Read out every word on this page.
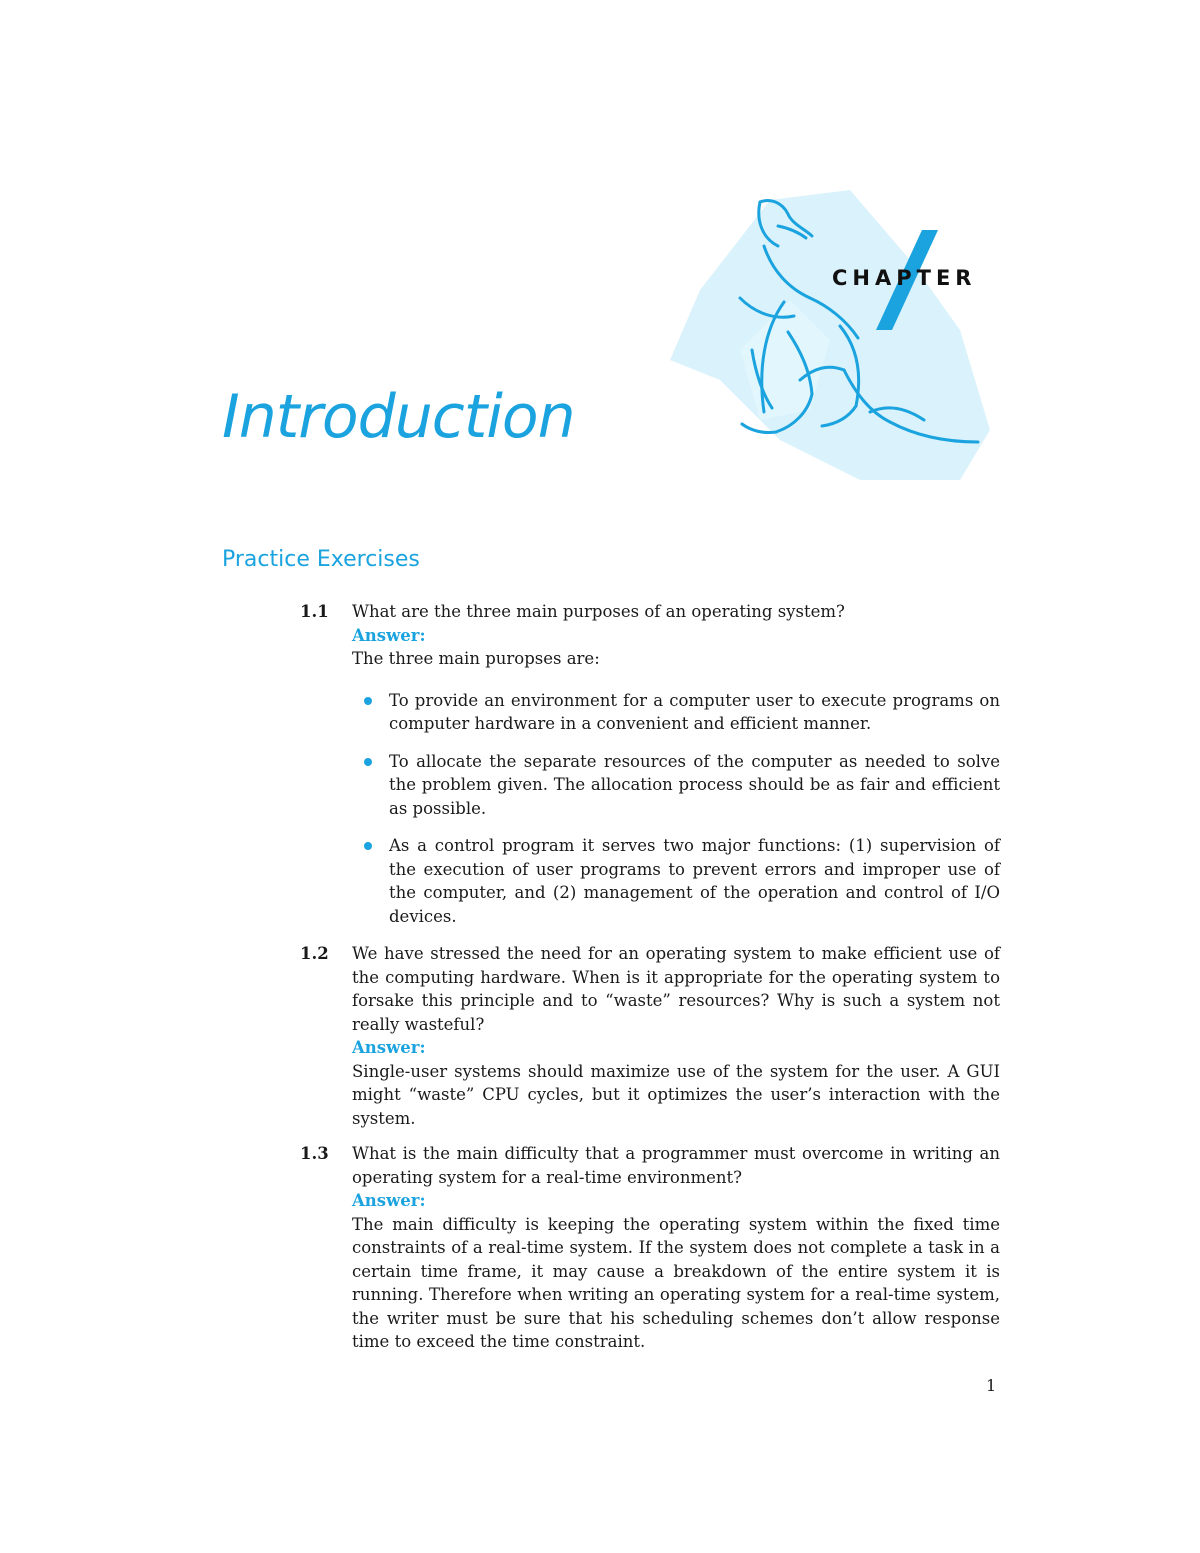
CHAPTER
Introduction
Practice Exercises
1.1 What are the three main purposes of an operating system?
Answer:
The three main puropses are:
To provide an environment for a computer user to execute programs on computer hardware in a convenient and efficient manner.
To allocate the separate resources of the computer as needed to solve the problem given. The allocation process should be as fair and efficient as possible.
As a control program it serves two major functions: (1) supervision of the execution of user programs to prevent errors and improper use of the computer, and (2) management of the operation and control of I/O devices.
1.2 We have stressed the need for an operating system to make efficient use of the computing hardware. When is it appropriate for the operating system to forsake this principle and to “waste” resources? Why is such a system not really wasteful?
Answer:
Single-user systems should maximize use of the system for the user. A GUI might “waste” CPU cycles, but it optimizes the user’s interaction with the system.
1.3 What is the main difficulty that a programmer must overcome in writing an operating system for a real-time environment?
Answer:
The main difficulty is keeping the operating system within the fixed time constraints of a real-time system. If the system does not complete a task in a certain time frame, it may cause a breakdown of the entire system it is running. Therefore when writing an operating system for a real-time system, the writer must be sure that his scheduling schemes don’t allow response time to exceed the time constraint.
1
